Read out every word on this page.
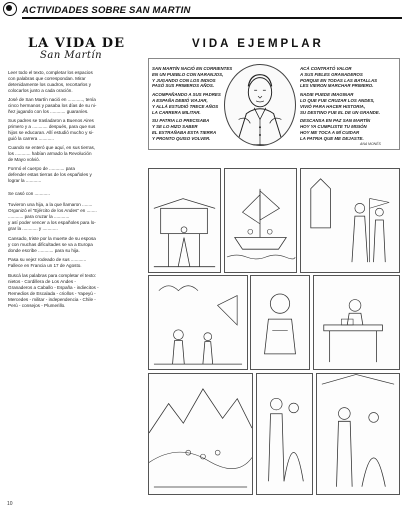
ACTIVIDADES SOBRE SAN MARTIN
LA VIDA DE
San Martín
Leer todo el texto, completar los espacios
con palabras que correspondan. Mirar
detenidamente los cuadros, recortarlos y
colocarlos junto a cada oración.
José de San Martín nació en ............, tenía
cinco hermanos y pasaba los días de su ni-
ñez jugando con los ............ guaraníes.
Sus padres se trasladaron a Buenos Aires
primero y a ............ después, para que sus
hijos se educaran. Allí estudió mucho y si-
guió la carrera ............
Cuando se enteró que aquí, en sus tierras,
los ............ habían armado la Revolución
de Mayo volvió.
Formó el cuerpo de ............ para
defender estas tierras de los españoles y
lograr la ............
Se casó con ............
Tuvieron una hija, a la que llamaron ........
Organizó el "Ejército de los Andes" en ........
............ para cruzar la ............
y así poder vencer a los españoles para lo-
grar la ............ y ............
Cansado, triste por la muerte de su esposa
y con muchas dificultades se va a Europa
donde escribe ............ para su hija.
Pasa su vejez rodeado de sus ............
Fallece en Francia un 17 de Agosto.
Buscá las palabras para completar el texto:
nietos - Cordillera de Los Andes -
Granaderos a Caballo - España - indiecitos -
Remedios de Escalada - criollos - Yapeyú -
Mercedes - militar - independencia - Chile -
Perú - consejos - Plumerillo.
VIDA EJEMPLAR
SAN MARTÍN NACIÓ EN CORRIENTES
EN UN PUEBLO CON NARANJOS,
Y JUGANDO CON LOS INDIOS
PASÓ SUS PRIMEROS AÑOS.
ACOMPAÑANDO A SUS PADRES
A ESPAÑA DEBIÓ VIAJAR,
Y ALLÁ ESTUDIÓ TRECE AÑOS
LA CARRERA MILITAR.
SU PATRIA LO PRECISABA
Y SE LO HIZO SABER
EL EXTRAÑABA ESTA TIERRA
Y PRONTO QUISO VOLVER.
ACÁ CONTRATÓ VALOR
A SUS FIELES GRANADEROS
PORQUE EN TODAS LAS BATALLAS
LES VIERON MARCHAR PRIMERO.
NADIE PUEDE IMAGINAR
LO QUE FUE CRUZAR LOS ANDES,
VIVIÓ PARA HACER HISTORIA,
SU DESTINO FUE EL DE UN GRANDE.
DESCANSA EN PAZ SAN MARTÍN
HOY YA CUMPLISTE TU MISIÓN
HOY ME TOCA A MÍ CUIDAR
LA PATRIA QUE ME DEJASTE.
ANA MONÉS
10
